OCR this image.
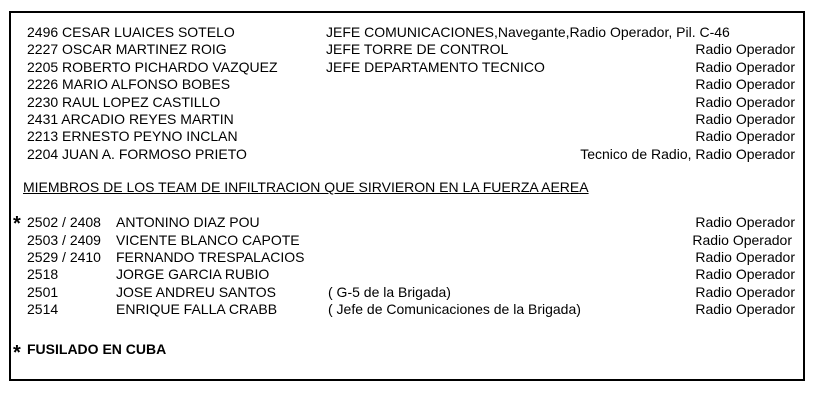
2496 CESAR LUAICES SOTELO	JEFE COMUNICACIONES,Navegante,Radio Operador, Pil. C-46
2227 OSCAR MARTINEZ ROIG	JEFE TORRE DE CONTROL	Radio Operador
2205 ROBERTO PICHARDO VAZQUEZ	JEFE DEPARTAMENTO TECNICO	Radio Operador
2226 MARIO ALFONSO BOBES	Radio Operador
2230 RAUL LOPEZ CASTILLO	Radio Operador
2431 ARCADIO REYES MARTIN	Radio Operador
2213 ERNESTO PEYNO INCLAN	Radio Operador
2204 JUAN A. FORMOSO PRIETO	Tecnico de Radio, Radio Operador
MIEMBROS DE LOS TEAM DE INFILTRACION QUE SIRVIERON EN LA FUERZA AEREA
* 2502 / 2408 ANTONINO DIAZ POU	Radio Operador
2503 / 2409 VICENTE BLANCO CAPOTE	Radio Operador
2529 / 2410 FERNANDO TRESPALACIOS	Radio Operador
2518	JORGE GARCIA RUBIO	Radio Operador
2501	JOSE ANDREU SANTOS	( G-5 de la Brigada)	Radio Operador
2514	ENRIQUE FALLA CRABB	( Jefe de Comunicaciones de la Brigada)	Radio Operador
* FUSILADO EN CUBA
